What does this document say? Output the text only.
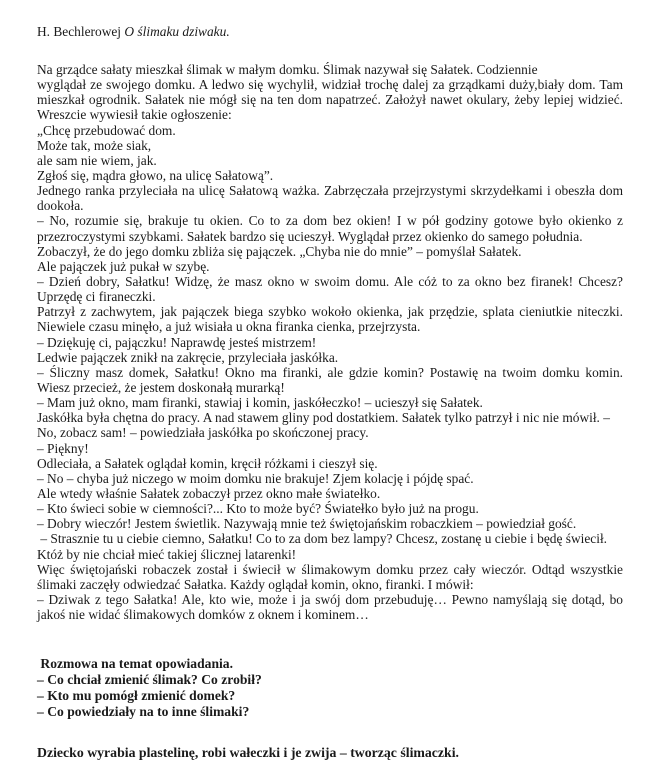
H. Bechlerowej O ślimaku dziwaku.
Na grządce sałaty mieszkał ślimak w małym domku. Ślimak nazywał się Sałatek. Codziennie
wyglądał ze swojego domku. A ledwo się wychylił, widział trochę dalej za grządkami duży,biały dom. Tam
mieszkał ogrodnik. Sałatek nie mógł się na ten dom napatrzeć. Założył nawet okulary, żeby lepiej widzieć.
Wreszcie wywiesił takie ogłoszenie:
„Chcę przebudować dom.
Może tak, może siak,
ale sam nie wiem, jak.
Zgłoś się, mądra głowo, na ulicę Sałatową”.
Jednego ranka przyleciała na ulicę Sałatową ważka. Zabrzęczała przejrzystymi skrzydełkami i obeszła dom
dookoła.
– No, rozumie się, brakuje tu okien. Co to za dom bez okien! I w pół godziny gotowe było okienko z
przezroczystymi szybkami. Sałatek bardzo się ucieszył. Wyglądał przez okienko do samego południa.
Zobaczył, że do jego domku zbliża się pajączek. „Chyba nie do mnie” – pomyślał Sałatek.
Ale pajączek już pukał w szybę.
– Dzień dobry, Sałatku! Widzę, że masz okno w swoim domu. Ale cóż to za okno bez firanek! Chcesz?
Uprzędę ci firaneczki.
Patrzył z zachwytem, jak pajączek biega szybko wokoło okienka, jak przędzie, splata cieniutkie niteczki.
Niewiele czasu minęło, a już wisiała u okna firanka cienka, przejrzysta.
– Dziękuję ci, pajączku! Naprawdę jesteś mistrzem!
Ledwie pajączek znikł na zakręcie, przyleciała jaskółka.
– Śliczny masz domek, Sałatku! Okno ma firanki, ale gdzie komin? Postawię na twoim domku komin.
Wiesz przecież, że jestem doskonałą murarką!
– Mam już okno, mam firanki, stawiaj i komin, jaskółeczko! – ucieszył się Sałatek.
Jaskółka była chętna do pracy. A nad stawem gliny pod dostatkiem. Sałatek tylko patrzył i nic nie mówił. –
No, zobacz sam! – powiedziała jaskółka po skończonej pracy.
– Piękny!
Odleciała, a Sałatek oglądał komin, kręcił różkami i cieszył się.
– No – chyba już niczego w moim domku nie brakuje! Zjem kolację i pójdę spać.
Ale wtedy właśnie Sałatek zobaczył przez okno małe światełko.
– Kto świeci sobie w ciemności?... Kto to może być? Światełko było już na progu.
– Dobry wieczór! Jestem świetlik. Nazywają mnie też świętojańskim robaczkiem – powiedział gość.
– Strasznie tu u ciebie ciemno, Sałatku! Co to za dom bez lampy? Chcesz, zostanę u ciebie i będę świecił.
Któż by nie chciał mieć takiej ślicznej latarenki!
Więc świętojański robaczek został i świecił w ślimakowym domku przez cały wieczór. Odtąd wszystkie
ślimaki zaczęły odwiedzać Sałatka. Każdy oglądał komin, okno, firanki. I mówił:
– Dziwak z tego Sałatka! Ale, kto wie, może i ja swój dom przebuduję… Pewno namyślają się dotąd, bo
jakoś nie widać ślimakowych domków z oknem i kominem…
Rozmowa na temat opowiadania.
– Co chciał zmienić ślimak? Co zrobił?
– Kto mu pomógł zmienić domek?
– Co powiedziały na to inne ślimaki?
Dziecko wyrabia plastelinę, robi wałeczki i je zwija – tworząc ślimaczki.
